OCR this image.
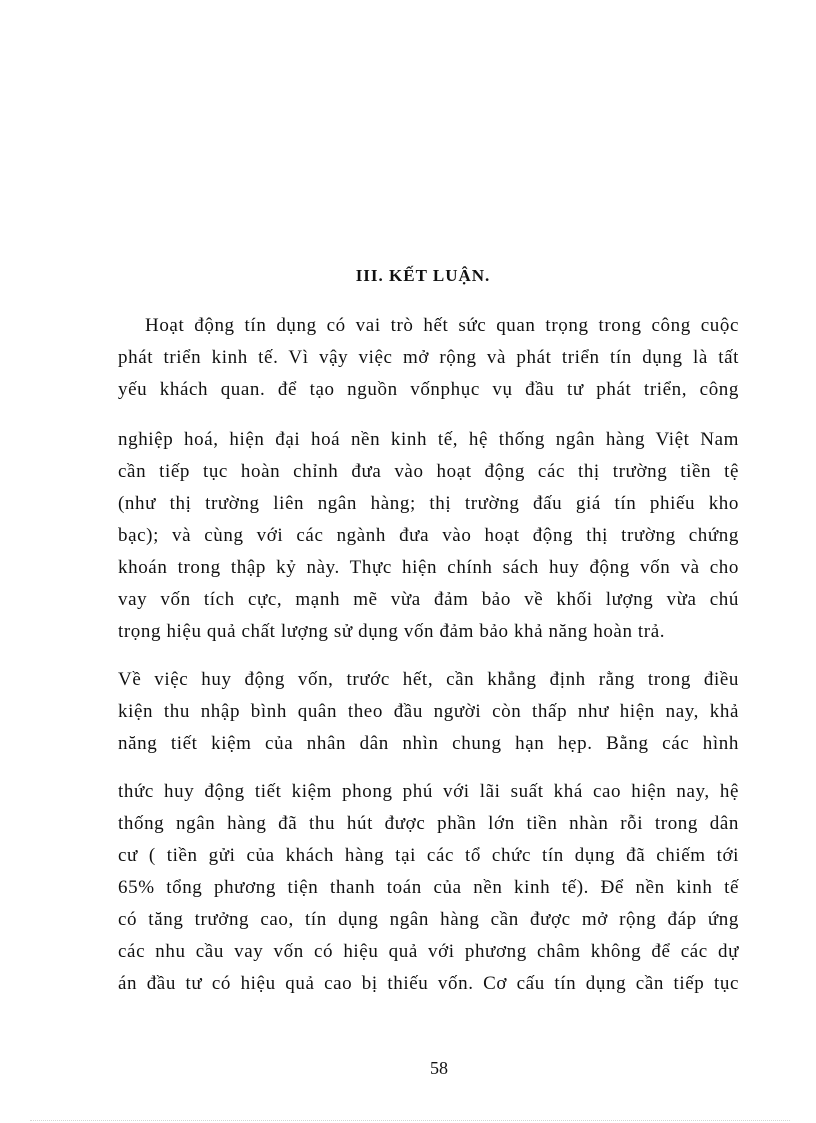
III. KẾT LUẬN.
Hoạt động tín dụng có vai trò hết sức quan trọng trong công cuộc
phát triển kinh tế. Vì vậy việc mở rộng và phát triển tín dụng là tất
yếu khách quan. để tạo nguồn vốnphục vụ đầu tư phát triển, công
nghiệp hoá, hiện đại hoá nền kinh tế, hệ thống ngân hàng Việt Nam
cần tiếp tục hoàn chỉnh đưa vào hoạt động các thị trường tiền tệ
(như thị trường liên ngân hàng; thị trường đấu giá tín phiếu kho
bạc); và cùng với các ngành đưa vào hoạt động thị trường chứng
khoán trong thập kỷ này. Thực hiện chính sách huy động vốn và cho
vay vốn tích cực, mạnh mẽ vừa đảm bảo về khối lượng vừa chú
trọng hiệu quả chất lượng sử dụng vốn đảm bảo khả năng hoàn trả.
Về việc huy động vốn, trước hết, cần khẳng định rằng trong điều
kiện thu nhập bình quân theo đầu người còn thấp như hiện nay, khả
năng tiết kiệm của nhân dân nhìn chung hạn hẹp. Bằng các hình
thức huy động tiết kiệm phong phú với lãi suất khá cao hiện nay, hệ
thống ngân hàng đã thu hút được phần lớn tiền nhàn rỗi trong dân
cư ( tiền gửi của khách hàng tại các tổ chức tín dụng đã chiếm tới
65% tổng phương tiện thanh toán của nền kinh tế). Để nền kinh tế
có tăng trưởng cao, tín dụng ngân hàng cần được mở rộng đáp ứng
các nhu cầu vay vốn có hiệu quả với phương châm không để các dự
án đầu tư có hiệu quả cao bị thiếu vốn. Cơ cấu tín dụng cần tiếp tục
58
